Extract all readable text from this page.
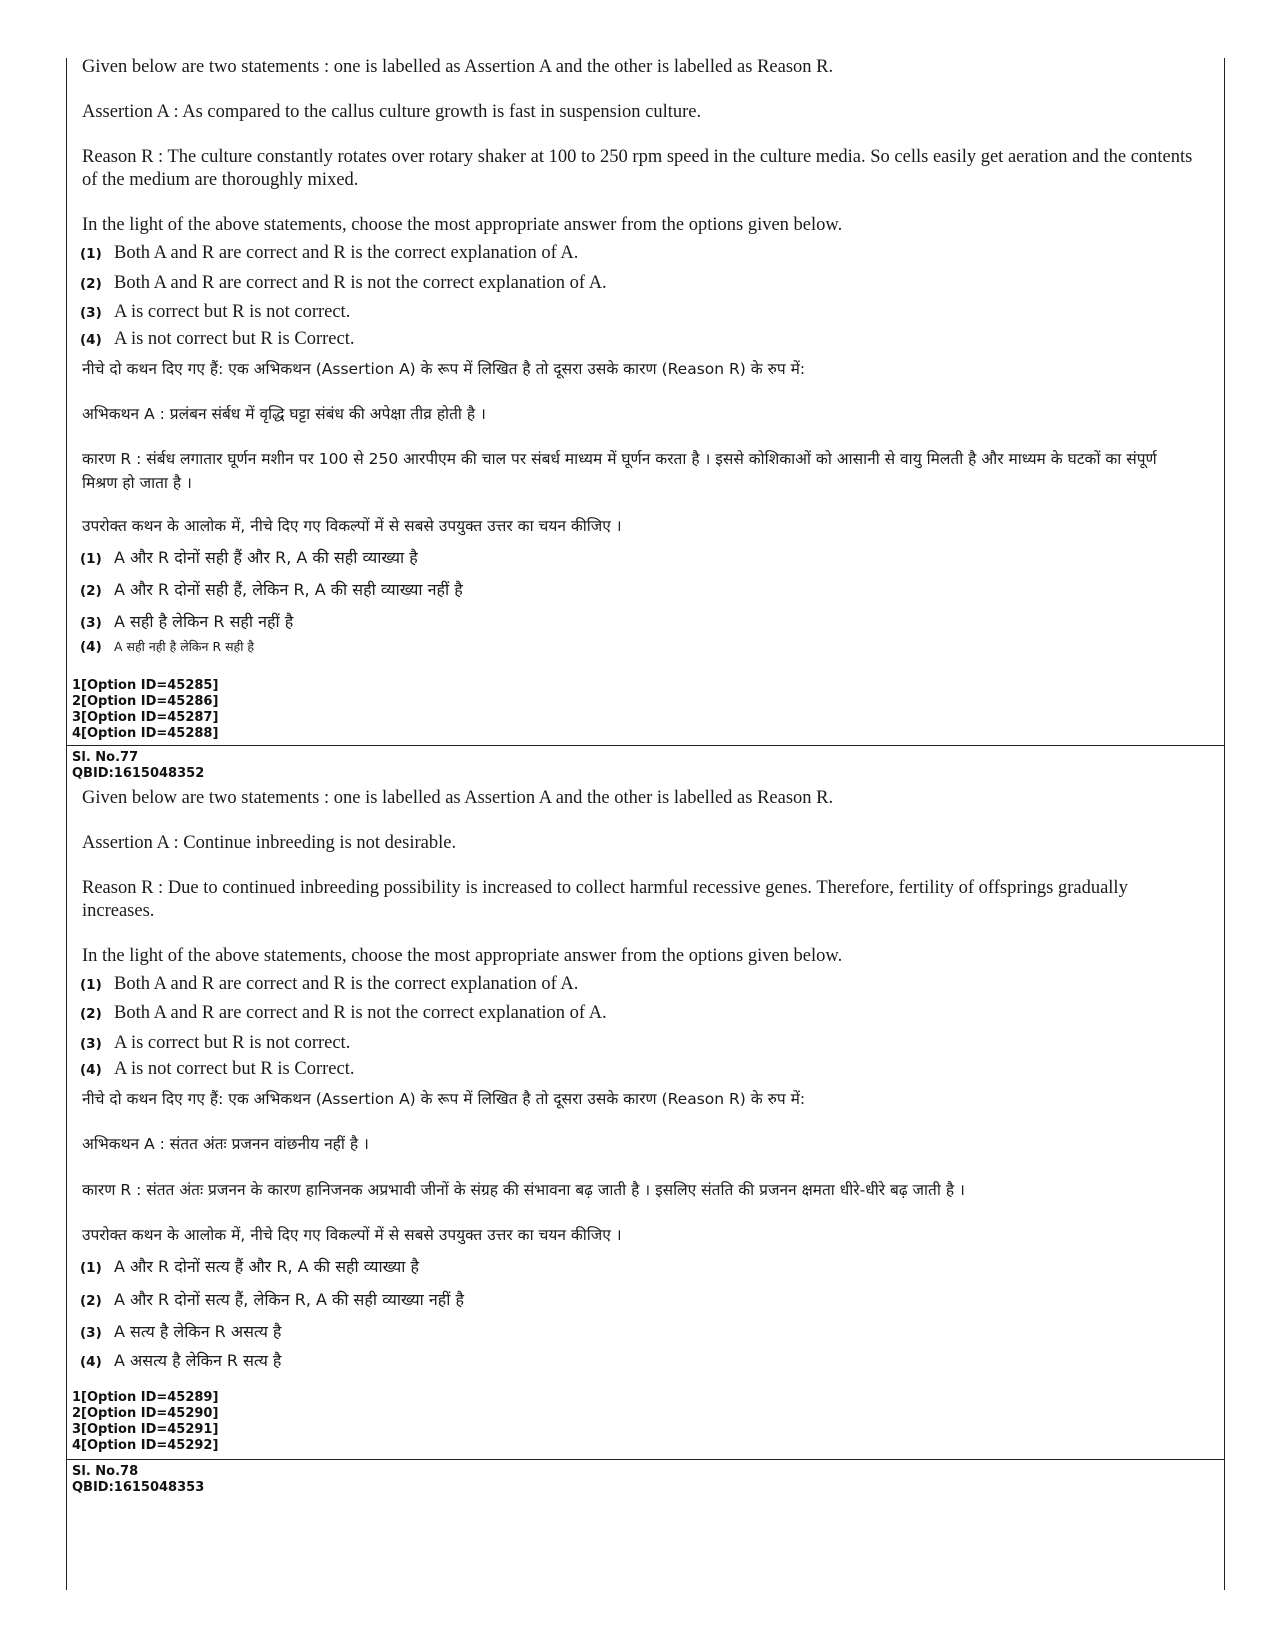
Given below are two statements : one is labelled as Assertion A and the other is labelled as Reason R.
Assertion A : As compared to the callus culture growth is fast in suspension culture.
Reason R : The culture constantly rotates over rotary shaker at 100 to 250 rpm speed in the culture media. So cells easily get aeration and the contents of the medium are thoroughly mixed.
In the light of the above statements, choose the most appropriate answer from the options given below.
(1) Both A and R are correct and R is the correct explanation of A.
(2) Both A and R are correct and R is not the correct explanation of A.
(3) A is correct but R is not correct.
(4) A is not correct but R is Correct.
नीचे दो कथन दिए गए हैं: एक अभिकथन (Assertion A) के रूप में लिखित है तो दूसरा उसके कारण (Reason R) के रुप में:
अभिकथन A : प्रलंबन संर्बध में वृद्धि घट्टा संबंध की अपेक्षा तीव्र होती है ।
कारण R : संर्बध लगातार घूर्णन मशीन पर 100 से 250 आरपीएम की चाल पर संबर्ध माध्यम में घूर्णन करता है । इससे कोशिकाओं को आसानी से वायु मिलती है और माध्यम के घटकों का संपूर्ण मिश्रण हो जाता है ।
उपरोक्त कथन के आलोक में, नीचे दिए गए विकल्पों में से सबसे उपयुक्त उत्तर का चयन कीजिए ।
(1) A और R दोनों सही हैं और R, A की सही व्याख्या है
(2) A और R दोनों सही हैं, लेकिन R, A की सही व्याख्या नहीं है
(3) A सही है लेकिन R सही नहीं है
(4) A सही नही है लेकिन R सही है
1[Option ID=45285]
2[Option ID=45286]
3[Option ID=45287]
4[Option ID=45288]
Sl. No.77
QBID:1615048352
Given below are two statements : one is labelled as Assertion A and the other is labelled as Reason R.
Assertion A : Continue inbreeding is not desirable.
Reason R : Due to continued inbreeding possibility is increased to collect harmful recessive genes. Therefore, fertility of offsprings gradually increases.
In the light of the above statements, choose the most appropriate answer from the options given below.
(1) Both A and R are correct and R is the correct explanation of A.
(2) Both A and R are correct and R is not the correct explanation of A.
(3) A is correct but R is not correct.
(4) A is not correct but R is Correct.
नीचे दो कथन दिए गए हैं: एक अभिकथन (Assertion A) के रूप में लिखित है तो दूसरा उसके कारण (Reason R) के रुप में:
अभिकथन A : संतत अंतः प्रजनन वांछनीय नहीं है ।
कारण R : संतत अंतः प्रजनन के कारण हानिजनक अप्रभावी जीनों के संग्रह की संभावना बढ़ जाती है । इसलिए संतति की प्रजनन क्षमता धीरे-धीरे बढ़ जाती है ।
उपरोक्त कथन के आलोक में, नीचे दिए गए विकल्पों में से सबसे उपयुक्त उत्तर का चयन कीजिए ।
(1) A और R दोनों सत्य हैं और R, A की सही व्याख्या है
(2) A और R दोनों सत्य हैं, लेकिन R, A की सही व्याख्या नहीं है
(3) A सत्य है लेकिन R असत्य है
(4) A असत्य है लेकिन R सत्य है
1[Option ID=45289]
2[Option ID=45290]
3[Option ID=45291]
4[Option ID=45292]
Sl. No.78
QBID:1615048353
